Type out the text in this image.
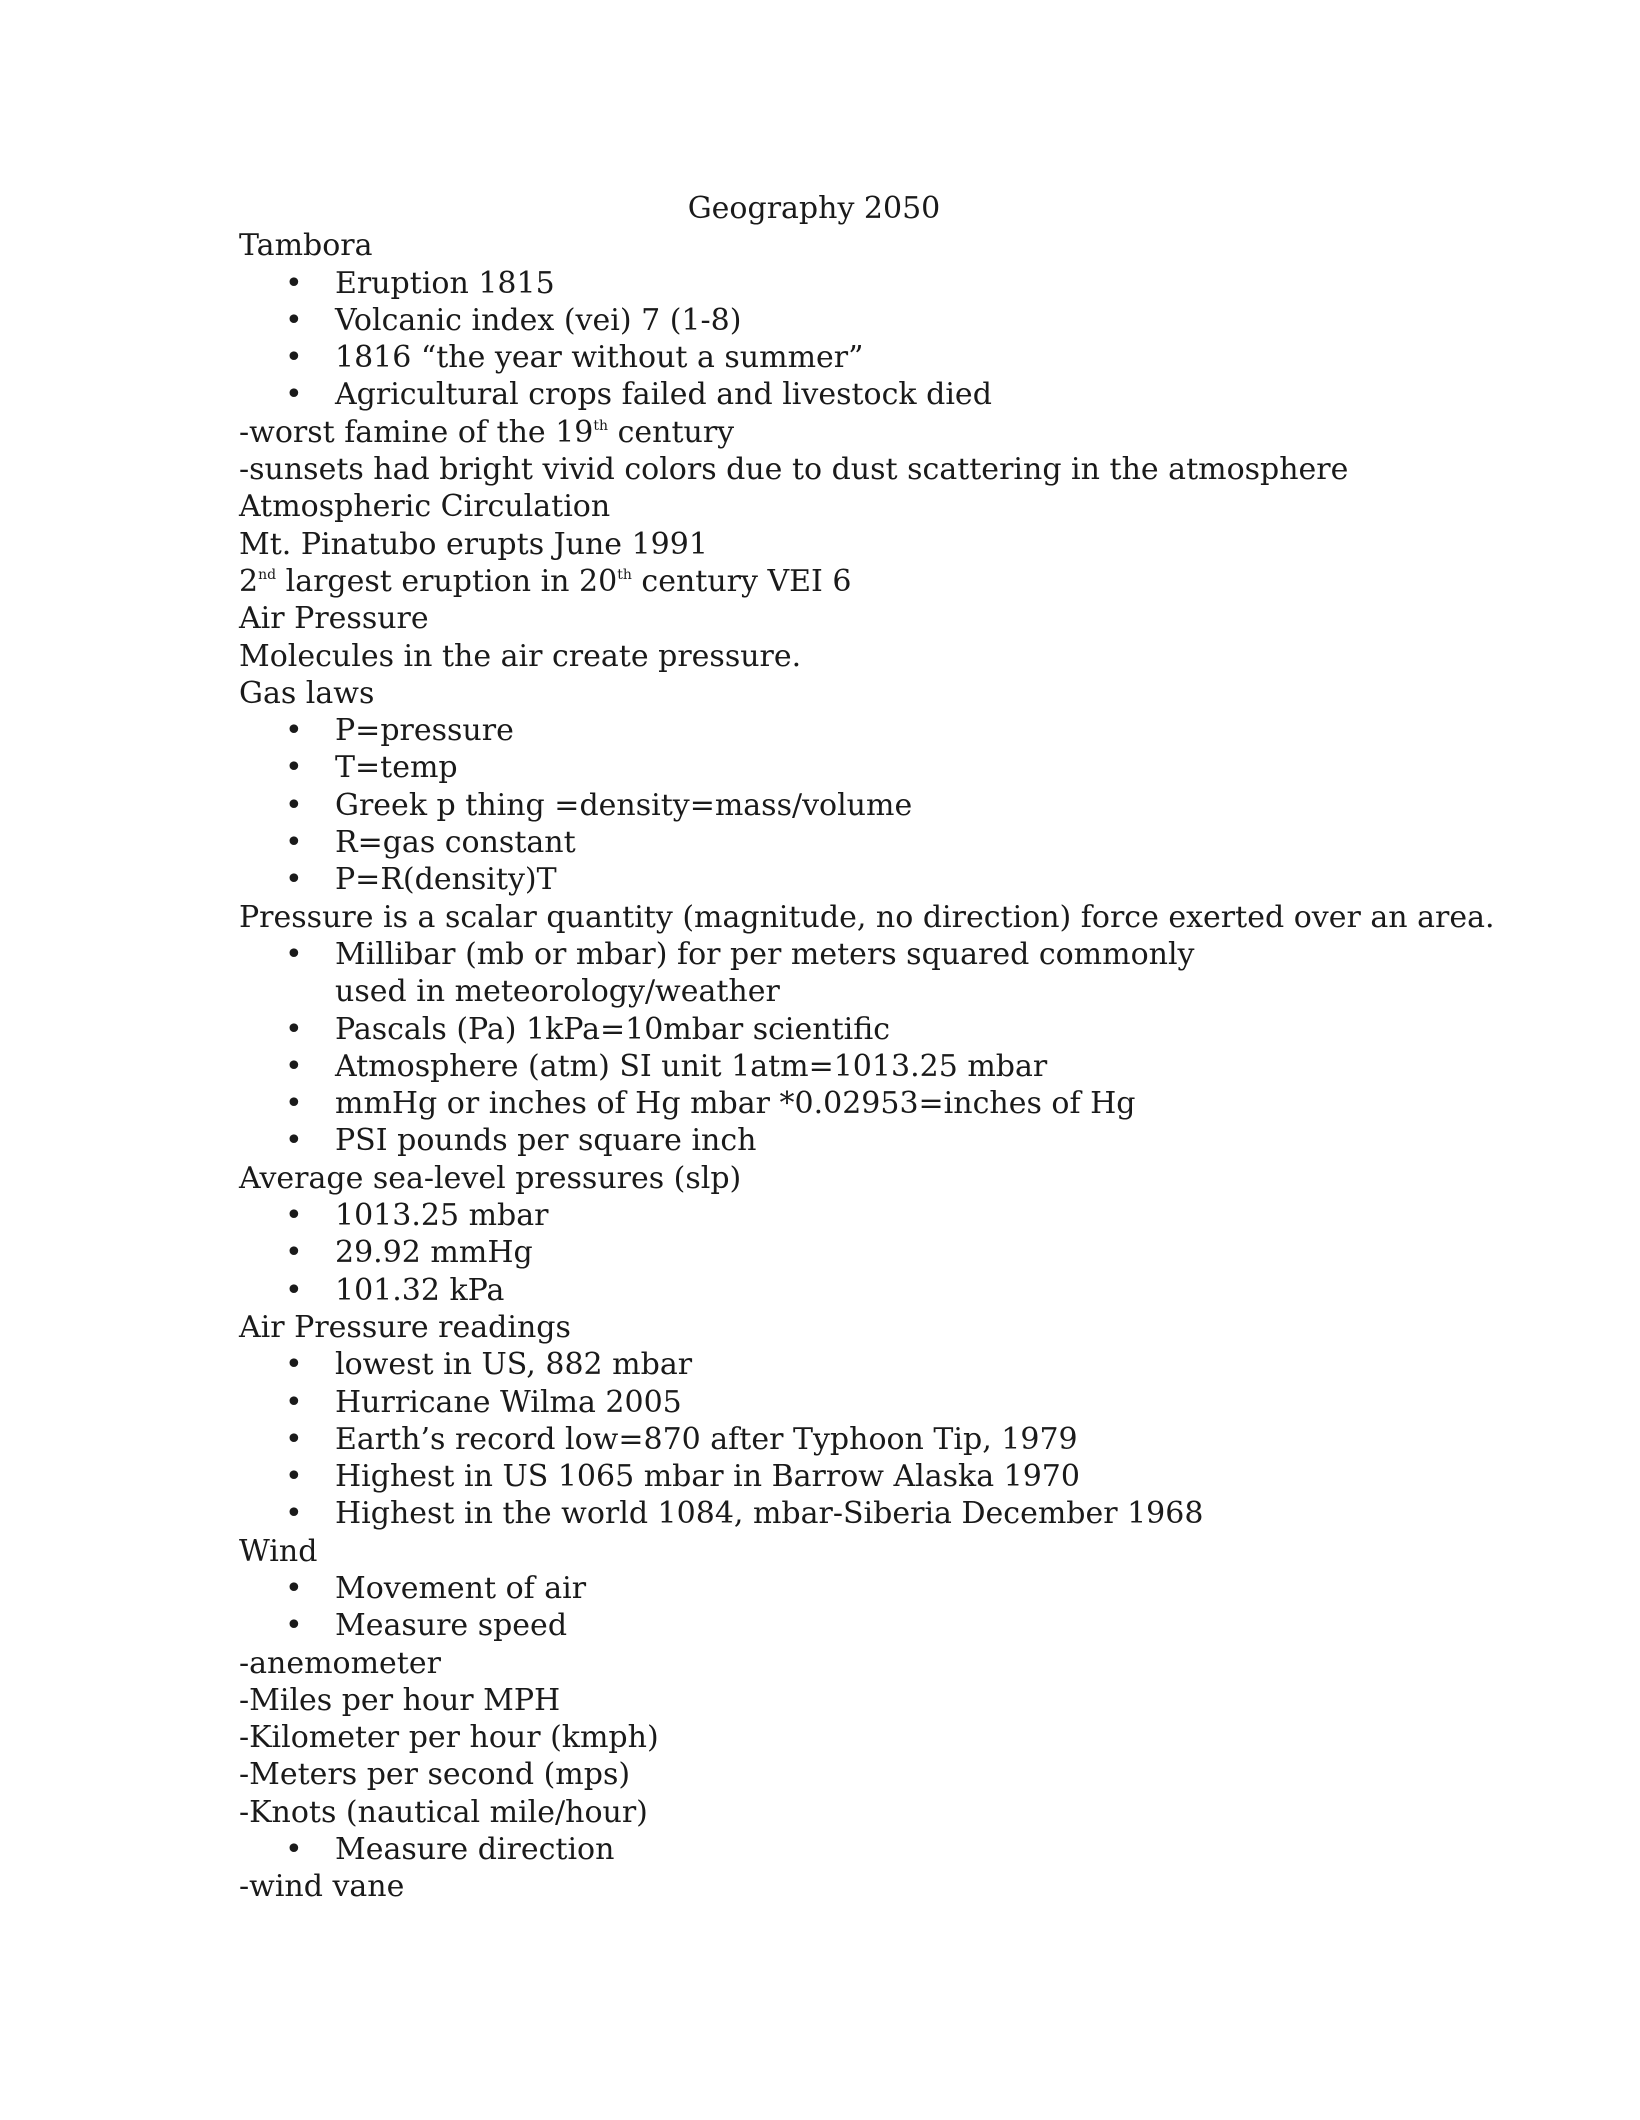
Geography 2050

Tambora

• Eruption 1815
• Volcanic index (vei) 7 (1-8)
• 1816 “the year without a summer”
• Agricultural crops failed and livestock died

-worst famine of the 19th century

-sunsets had bright vivid colors due to dust scattering in the atmosphere

Atmospheric Circulation

Mt. Pinatubo erupts June 1991

2nd largest eruption in 20th century VEI 6

Air Pressure

Molecules in the air create pressure.

Gas laws

• P=pressure
• T=temp
• Greek p thing =density=mass/volume
• R=gas constant
• P=R(density)T

Pressure is a scalar quantity (magnitude, no direction) force exerted over an area.

• Millibar (mb or mbar) for per meters squared commonly used in meteorology/weather
• Pascals (Pa) 1kPa=10mbar scientific
• Atmosphere (atm) SI unit 1atm=1013.25 mbar
• mmHg or inches of Hg mbar *0.02953=inches of Hg
• PSI pounds per square inch

Average sea-level pressures (slp)

• 1013.25 mbar
• 29.92 mmHg
• 101.32 kPa

Air Pressure readings

• lowest in US, 882 mbar
• Hurricane Wilma 2005
• Earth’s record low=870 after Typhoon Tip, 1979
• Highest in US 1065 mbar in Barrow Alaska 1970
• Highest in the world 1084, mbar-Siberia December 1968

Wind

• Movement of air
• Measure speed

-anemometer

-Miles per hour MPH

-Kilometer per hour (kmph)

-Meters per second (mps)

-Knots (nautical mile/hour)

• Measure direction

-wind vane
